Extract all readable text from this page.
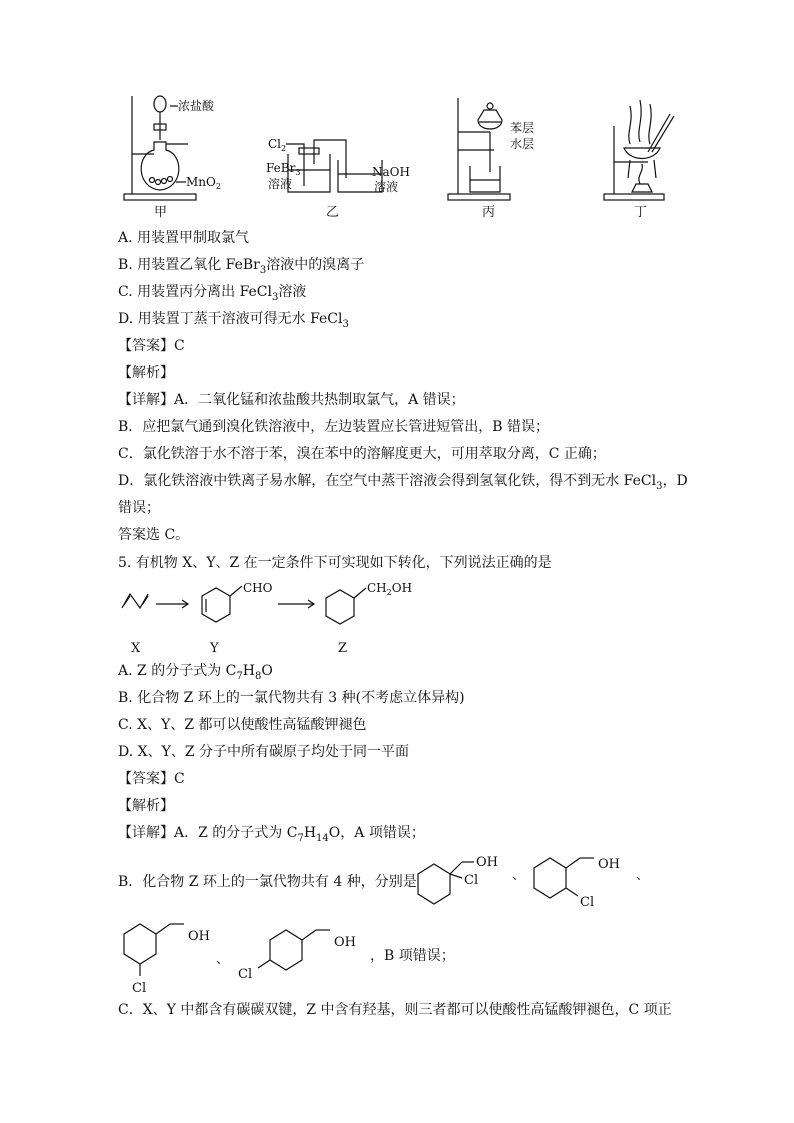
浓盐酸
MnO$_2$
甲
$Cl_2$
FeBr$_3$
溶液
NaOH
溶液
乙
苯层
水层
丙	丁
A. 用装置甲制取氯气
B. 用装置乙氧化 FeBr$_3$溶液中的溴离子
C. 用装置丙分离出 FeCl$_3$溶液
D. 用装置丁蒸干溶液可得无水 FeCl$_3$
【答案】C
【解析】
【详解】A．二氧化锰和浓盐酸共热制取氯气，A 错误；
B．应把氯气通到溴化铁溶液中，左边装置应长管进短管出，B 错误；
C．氯化铁溶于水不溶于苯，溴在苯中的溶解度更大，可用萃取分离，C 正确；
D．氯化铁溶液中铁离子易水解，在空气中蒸干溶液会得到氢氧化铁，得不到无水 FeCl$_3$，D
错误；
答案选 C。
5. 有机物 X、Y、Z 在一定条件下可实现如下转化，下列说法正确的是
CHO	$CH_2OH$
X	Y	Z
A. Z 的分子式为 $C_7H_8O$
B. 化合物 Z 环上的一氯代物共有 3 种(不考虑立体异构)
C. X、Y、Z 都可以使酸性高锰酸钾褪色
D. X、Y、Z 分子中所有碳原子均处于同一平面
【答案】C
【解析】
【详解】A．Z 的分子式为 $C_7H_{14}O$，A 项错误；
B．化合物 Z 环上的一氯代物共有 4 种，分别是
OH
Cl	、
OH
Cl
、
OH
Cl
、
OH
Cl
，B 项错误；
C．X、Y 中都含有碳碳双键，Z 中含有羟基，则三者都可以使酸性高锰酸钾褪色，C 项正
